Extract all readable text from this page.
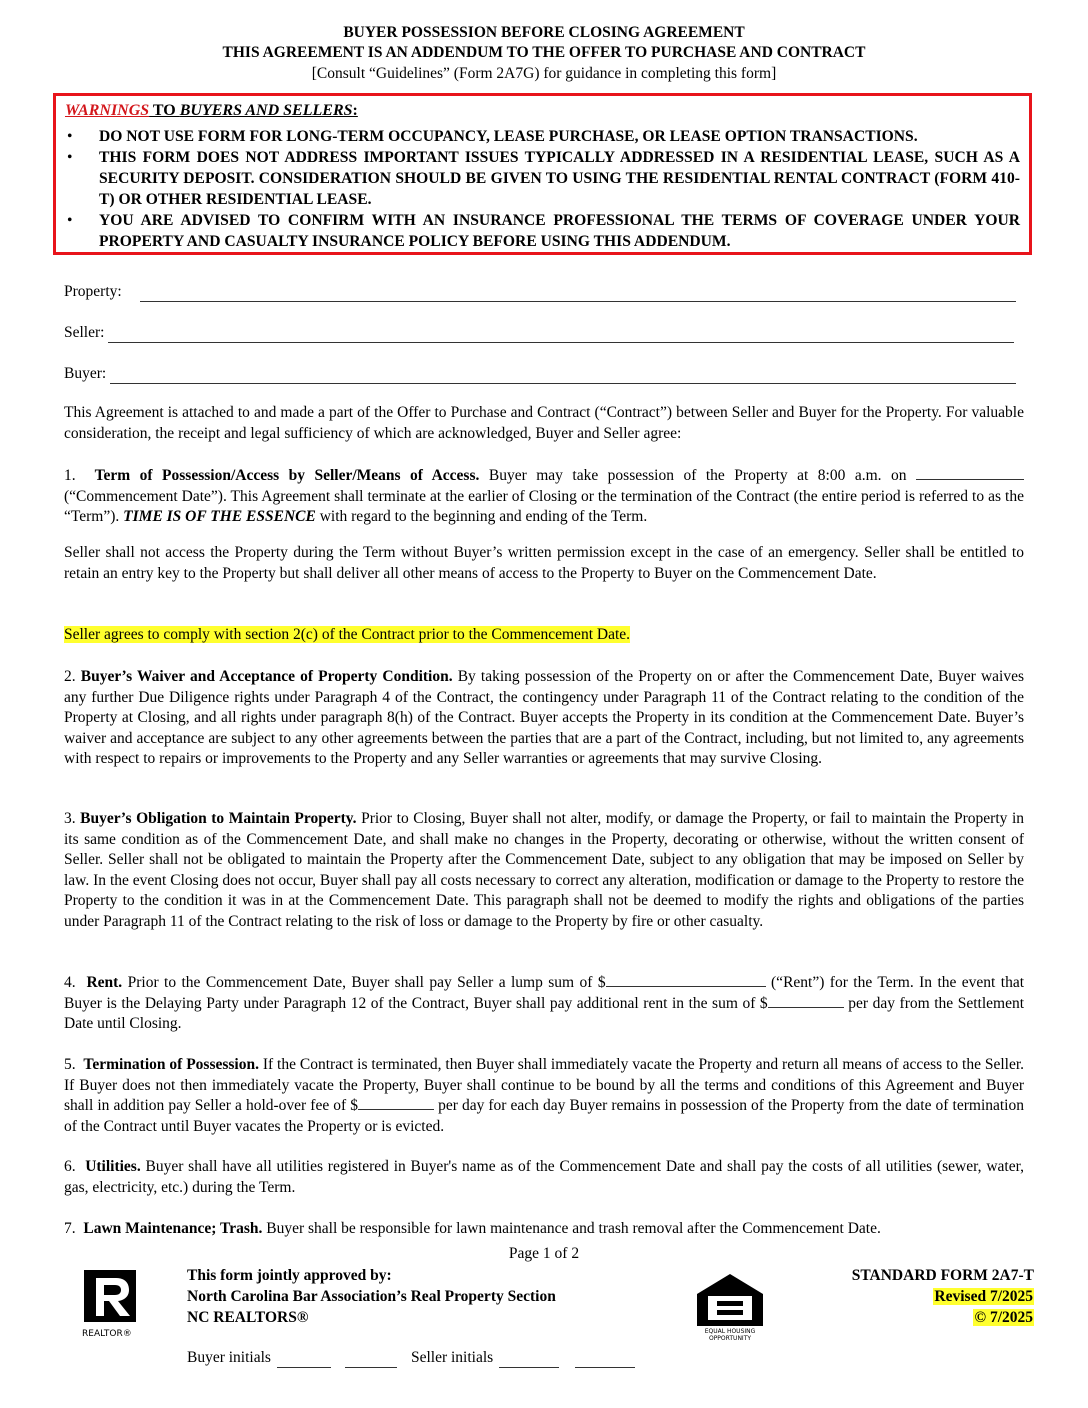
BUYER POSSESSION BEFORE CLOSING AGREEMENT
THIS AGREEMENT IS AN ADDENDUM TO THE OFFER TO PURCHASE AND CONTRACT
[Consult “Guidelines” (Form 2A7G) for guidance in completing this form]
WARNINGS TO BUYERS AND SELLERS:
• DO NOT USE FORM FOR LONG-TERM OCCUPANCY, LEASE PURCHASE, OR LEASE OPTION TRANSACTIONS.
• THIS FORM DOES NOT ADDRESS IMPORTANT ISSUES TYPICALLY ADDRESSED IN A RESIDENTIAL LEASE, SUCH AS A SECURITY DEPOSIT. CONSIDERATION SHOULD BE GIVEN TO USING THE RESIDENTIAL RENTAL CONTRACT (FORM 410-T) OR OTHER RESIDENTIAL LEASE.
• YOU ARE ADVISED TO CONFIRM WITH AN INSURANCE PROFESSIONAL THE TERMS OF COVERAGE UNDER YOUR PROPERTY AND CASUALTY INSURANCE POLICY BEFORE USING THIS ADDENDUM.
Property:
Seller:
Buyer:
This Agreement is attached to and made a part of the Offer to Purchase and Contract (“Contract”) between Seller and Buyer for the Property. For valuable consideration, the receipt and legal sufficiency of which are acknowledged, Buyer and Seller agree:
1. Term of Possession/Access by Seller/Means of Access. Buyer may take possession of the Property at 8:00 a.m. on  (“Commencement Date”). This Agreement shall terminate at the earlier of Closing or the termination of the Contract (the entire period is referred to as the “Term”). TIME IS OF THE ESSENCE with regard to the beginning and ending of the Term.
Seller shall not access the Property during the Term without Buyer’s written permission except in the case of an emergency. Seller shall be entitled to retain an entry key to the Property but shall deliver all other means of access to the Property to Buyer on the Commencement Date.
Seller agrees to comply with section 2(c) of the Contract prior to the Commencement Date.
2. Buyer’s Waiver and Acceptance of Property Condition. By taking possession of the Property on or after the Commencement Date, Buyer waives any further Due Diligence rights under Paragraph 4 of the Contract, the contingency under Paragraph 11 of the Contract relating to the condition of the Property at Closing, and all rights under paragraph 8(h) of the Contract. Buyer accepts the Property in its condition at the Commencement Date. Buyer’s waiver and acceptance are subject to any other agreements between the parties that are a part of the Contract, including, but not limited to, any agreements with respect to repairs or improvements to the Property and any Seller warranties or agreements that may survive Closing.
3. Buyer’s Obligation to Maintain Property. Prior to Closing, Buyer shall not alter, modify, or damage the Property, or fail to maintain the Property in its same condition as of the Commencement Date, and shall make no changes in the Property, decorating or otherwise, without the written consent of Seller. Seller shall not be obligated to maintain the Property after the Commencement Date, subject to any obligation that may be imposed on Seller by law. In the event Closing does not occur, Buyer shall pay all costs necessary to correct any alteration, modification or damage to the Property to restore the Property to the condition it was in at the Commencement Date. This paragraph shall not be deemed to modify the rights and obligations of the parties under Paragraph 11 of the Contract relating to the risk of loss or damage to the Property by fire or other casualty.
4. Rent. Prior to the Commencement Date, Buyer shall pay Seller a lump sum of $	(“Rent”) for the Term. In the event that Buyer is the Delaying Party under Paragraph 12 of the Contract, Buyer shall pay additional rent in the sum of $	per day from the Settlement Date until Closing.
5. Termination of Possession. If the Contract is terminated, then Buyer shall immediately vacate the Property and return all means of access to the Seller. If Buyer does not then immediately vacate the Property, Buyer shall continue to be bound by all the terms and conditions of this Agreement and Buyer shall in addition pay Seller a hold-over fee of $	per day for each day Buyer remains in possession of the Property from the date of termination of the Contract until Buyer vacates the Property or is evicted.
6. Utilities. Buyer shall have all utilities registered in Buyer's name as of the Commencement Date and shall pay the costs of all utilities (sewer, water, gas, electricity, etc.) during the Term.
7. Lawn Maintenance; Trash. Buyer shall be responsible for lawn maintenance and trash removal after the Commencement Date.
Page 1 of 2
REALTOR®
This form jointly approved by:
North Carolina Bar Association’s Real Property Section
NC REALTORS®
EQUAL HOUSING
OPPORTUNITY
STANDARD FORM 2A7-T
Revised 7/2025
© 7/2025
Buyer initials	Seller initials
